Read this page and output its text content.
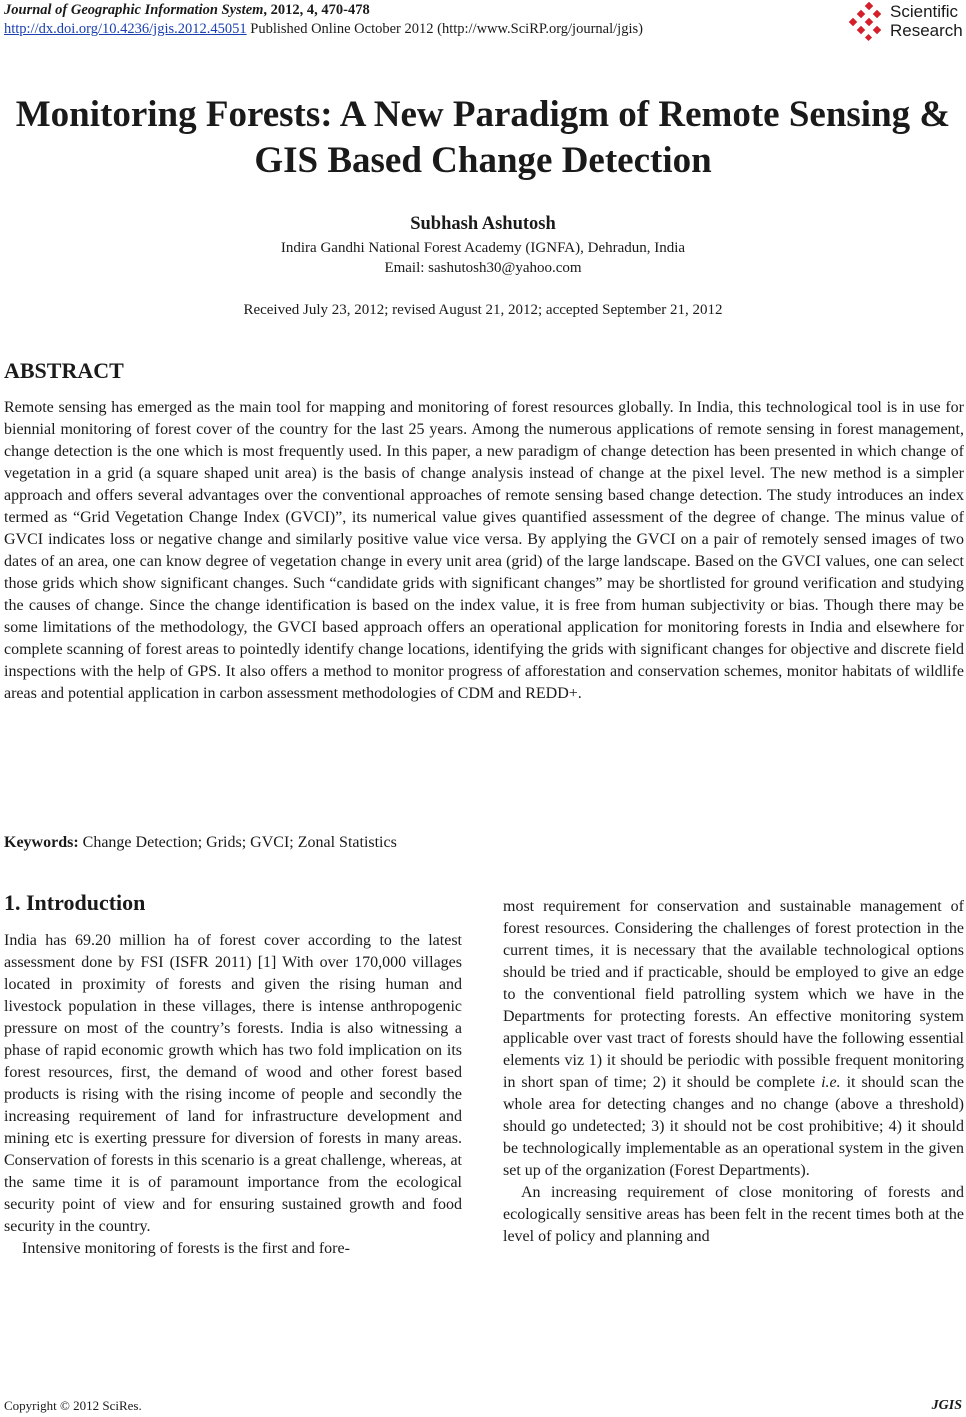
Journal of Geographic Information System, 2012, 4, 470-478
http://dx.doi.org/10.4236/jgis.2012.45051 Published Online October 2012 (http://www.SciRP.org/journal/jgis)
Scientific
Research
Monitoring Forests: A New Paradigm of Remote Sensing &
GIS Based Change Detection
Subhash Ashutosh
Indira Gandhi National Forest Academy (IGNFA), Dehradun, India
Email: sashutosh30@yahoo.com
Received July 23, 2012; revised August 21, 2012; accepted September 21, 2012
ABSTRACT
Remote sensing has emerged as the main tool for mapping and monitoring of forest resources globally. In India, this technological tool is in use for biennial monitoring of forest cover of the country for the last 25 years. Among the numerous applications of remote sensing in forest management, change detection is the one which is most frequently used. In this paper, a new paradigm of change detection has been presented in which change of vegetation in a grid (a square shaped unit area) is the basis of change analysis instead of change at the pixel level. The new method is a simpler approach and offers several advantages over the conventional approaches of remote sensing based change detection. The study introduces an index termed as “Grid Vegetation Change Index (GVCI)”, its numerical value gives quantified assessment of the degree of change. The minus value of GVCI indicates loss or negative change and similarly positive value vice versa. By applying the GVCI on a pair of remotely sensed images of two dates of an area, one can know degree of vegetation change in every unit area (grid) of the large landscape. Based on the GVCI values, one can select those grids which show significant changes. Such “candidate grids with significant changes” may be shortlisted for ground verification and studying the causes of change. Since the change identification is based on the index value, it is free from human subjectivity or bias. Though there may be some limitations of the methodology, the GVCI based approach offers an operational application for monitoring forests in India and elsewhere for complete scanning of forest areas to pointedly identify change locations, identifying the grids with significant changes for objective and discrete field inspections with the help of GPS. It also offers a method to monitor progress of afforestation and conservation schemes, monitor habitats of wildlife areas and potential application in carbon assessment methodologies of CDM and REDD+.
Keywords: Change Detection; Grids; GVCI; Zonal Statistics
1. Introduction

India has 69.20 million ha of forest cover according to the latest assessment done by FSI (ISFR 2011) [1] With over 170,000 villages located in proximity of forests and given the rising human and livestock population in these villages, there is intense anthropogenic pressure on most of the country’s forests. India is also witnessing a phase of rapid economic growth which has two fold implication on its forest resources, first, the demand of wood and other forest based products is rising with the rising income of people and secondly the increasing requirement of land for infrastructure development and mining etc is exerting pressure for diversion of forests in many areas. Conservation of forests in this scenario is a great challenge, whereas, at the same time it is of paramount importance from the ecological security point of view and for ensuring sustained growth and food security in the country.

Intensive monitoring of forests is the first and fore-

most requirement for conservation and sustainable management of forest resources. Considering the challenges of forest protection in the current times, it is necessary that the available technological options should be tried and if practicable, should be employed to give an edge to the conventional field patrolling system which we have in the Departments for protecting forests. An effective monitoring system applicable over vast tract of forests should have the following essential elements viz 1) it should be periodic with possible frequent monitoring in short span of time; 2) it should be complete i.e. it should scan the whole area for detecting changes and no change (above a threshold) should go undetected; 3) it should not be cost prohibitive; 4) it should be technologically implementable as an operational system in the given set up of the organization (Forest Departments).

An increasing requirement of close monitoring of forests and ecologically sensitive areas has been felt in the recent times both at the level of policy and planning and

Copyright © 2012 SciRes.	JGIS
